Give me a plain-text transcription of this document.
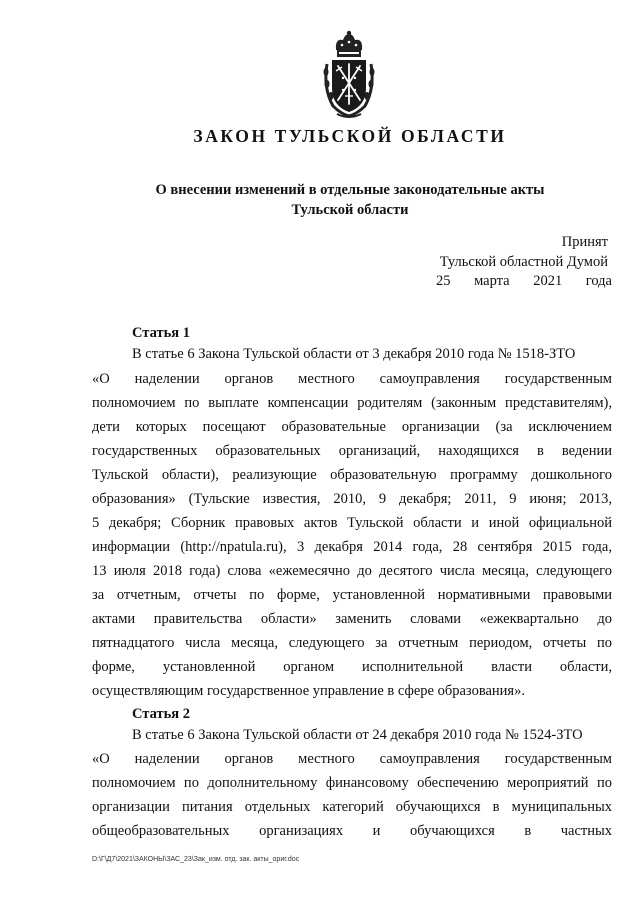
ЗАКОН ТУЛЬСКОЙ ОБЛАСТИ
О внесении изменений в отдельные законодательные акты
Тульской области
Принят
Тульской областной Думой
25 марта 2021 года
Статья 1
В статье 6 Закона Тульской области от 3 декабря 2010 года № 1518-ЗТО
«О наделении органов местного самоуправления государственным
полномочием по выплате компенсации родителям (законным представителям),
дети которых посещают образовательные организации (за исключением
государственных образовательных организаций, находящихся в ведении
Тульской области), реализующие образовательную программу дошкольного
образования» (Тульские известия, 2010, 9 декабря; 2011, 9 июня; 2013,
5 декабря; Сборник правовых актов Тульской области и иной официальной
информации (http://npatula.ru), 3 декабря 2014 года, 28 сентября 2015 года,
13 июля 2018 года) слова «ежемесячно до десятого числа месяца, следующего
за отчетным, отчеты по форме, установленной нормативными правовыми
актами правительства области» заменить словами «ежеквартально до
пятнадцатого числа месяца, следующего за отчетным периодом, отчеты по
форме, установленной органом исполнительной власти области,
осуществляющим государственное управление в сфере образования».
Статья 2
В статье 6 Закона Тульской области от 24 декабря 2010 года № 1524-ЗТО
«О наделении органов местного самоуправления государственным
полномочием по дополнительному финансовому обеспечению мероприятий по
организации питания отдельных категорий обучающихся в муниципальных
общеобразовательных организациях и обучающихся в частных
D:\Г\Д7\2021\ЗАКОНЫ\ЗАС_23\Зак_изм. отд. зак. акты_ориг.doc
